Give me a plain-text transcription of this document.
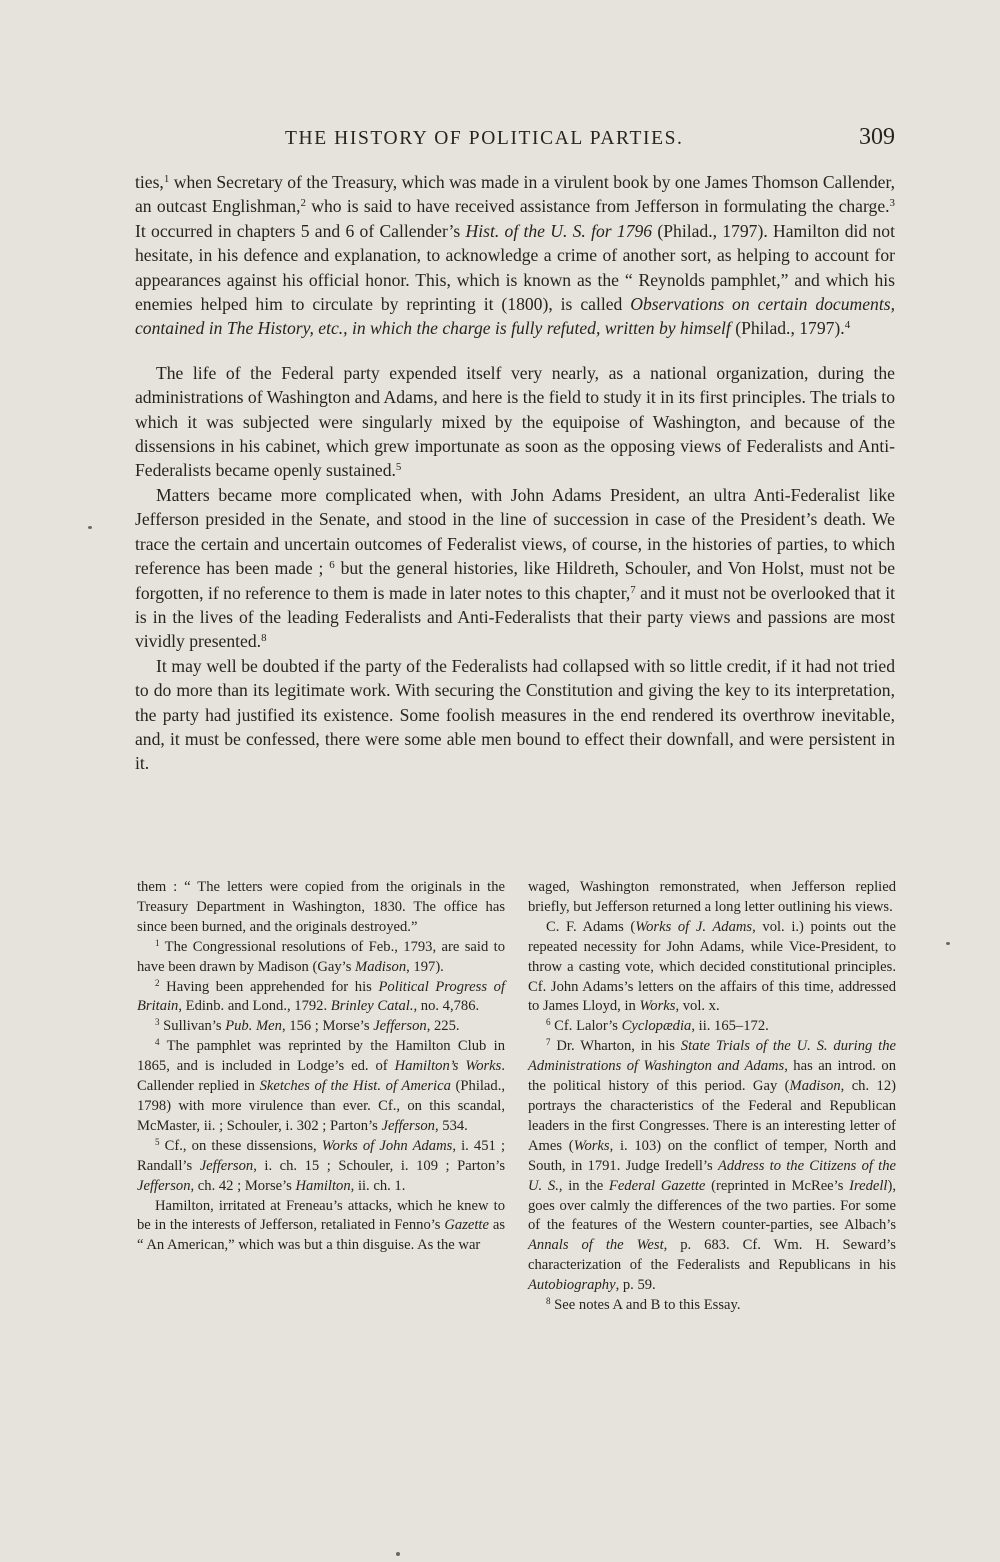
THE HISTORY OF POLITICAL PARTIES.	309

ties,$^1$ when Secretary of the Treasury, which was made in a virulent book by one James Thomson Callender, an outcast Englishman,$^2$ who is said to have received assistance from Jefferson in formulating the charge.$^3$ It occurred in chapters 5 and 6 of Callender’s Hist. of the U. S. for 1796 (Philad., 1797). Hamilton did not hesitate, in his defence and explanation, to acknowledge a crime of another sort, as helping to account for appearances against his official honor. This, which is known as the “ Reynolds pamphlet,” and which his enemies helped him to circulate by reprinting it (1800), is called Observations on certain documents, contained in The History, etc., in which the charge is fully refuted, written by himself (Philad., 1797).$^4$

The life of the Federal party expended itself very nearly, as a national organization, during the administrations of Washington and Adams, and here is the field to study it in its first principles. The trials to which it was subjected were singularly mixed by the equipoise of Washington, and because of the dissensions in his cabinet, which grew importunate as soon as the opposing views of Federalists and Anti-Federalists became openly sustained.$^5$

Matters became more complicated when, with John Adams President, an ultra Anti-Federalist like Jefferson presided in the Senate, and stood in the line of succession in case of the President’s death. We trace the certain and uncertain outcomes of Federalist views, of course, in the histories of parties, to which reference has been made ; $^6$ but the general histories, like Hildreth, Schouler, and Von Holst, must not be forgotten, if no reference to them is made in later notes to this chapter,$^7$ and it must not be overlooked that it is in the lives of the leading Federalists and Anti-Federalists that their party views and passions are most vividly presented.$^8$

It may well be doubted if the party of the Federalists had collapsed with so little credit, if it had not tried to do more than its legitimate work. With securing the Constitution and giving the key to its interpretation, the party had justified its existence. Some foolish measures in the end rendered its overthrow inevitable, and, it must be confessed, there were some able men bound to effect their downfall, and were persistent in it.

them : “ The letters were copied from the originals in the Treasury Department in Washington, 1830. The office has since been burned, and the originals destroyed.”

$^1$ The Congressional resolutions of Feb., 1793, are said to have been drawn by Madison (Gay’s Madison, 197).

$^2$ Having been apprehended for his Political Progress of Britain, Edinb. and Lond., 1792. Brinley Catal., no. 4,786.

$^3$ Sullivan’s Pub. Men, 156 ; Morse’s Jefferson, 225.

$^4$ The pamphlet was reprinted by the Hamilton Club in 1865, and is included in Lodge’s ed. of Hamilton’s Works. Callender replied in Sketches of the Hist. of America (Philad., 1798) with more virulence than ever. Cf., on this scandal, McMaster, ii. ; Schouler, i. 302 ; Parton’s Jefferson, 534.

$^5$ Cf., on these dissensions, Works of John Adams, i. 451 ; Randall’s Jefferson, i. ch. 15 ; Schouler, i. 109 ; Parton’s Jefferson, ch. 42 ; Morse’s Hamilton, ii. ch. 1.

Hamilton, irritated at Freneau’s attacks, which he knew to be in the interests of Jefferson, retaliated in Fenno’s Gazette as “ An American,” which was but a thin disguise. As the war

waged, Washington remonstrated, when Jefferson replied briefly, but Jefferson returned a long letter outlining his views.

C. F. Adams (Works of J. Adams, vol. i.) points out the repeated necessity for John Adams, while Vice-President, to throw a casting vote, which decided constitutional principles. Cf. John Adams’s letters on the affairs of this time, addressed to James Lloyd, in Works, vol. x.

$^6$ Cf. Lalor’s Cyclopædia, ii. 165–172.

$^7$ Dr. Wharton, in his State Trials of the U. S. during the Administrations of Washington and Adams, has an introd. on the political history of this period. Gay (Madison, ch. 12) portrays the characteristics of the Federal and Republican leaders in the first Congresses. There is an interesting letter of Ames (Works, i. 103) on the conflict of temper, North and South, in 1791. Judge Iredell’s Address to the Citizens of the U. S., in the Federal Gazette (reprinted in McRee’s Iredell), goes over calmly the differences of the two parties. For some of the features of the Western counter-parties, see Albach’s Annals of the West, p. 683. Cf. Wm. H. Seward’s characterization of the Federalists and Republicans in his Autobiography, p. 59.

$^8$ See notes A and B to this Essay.
